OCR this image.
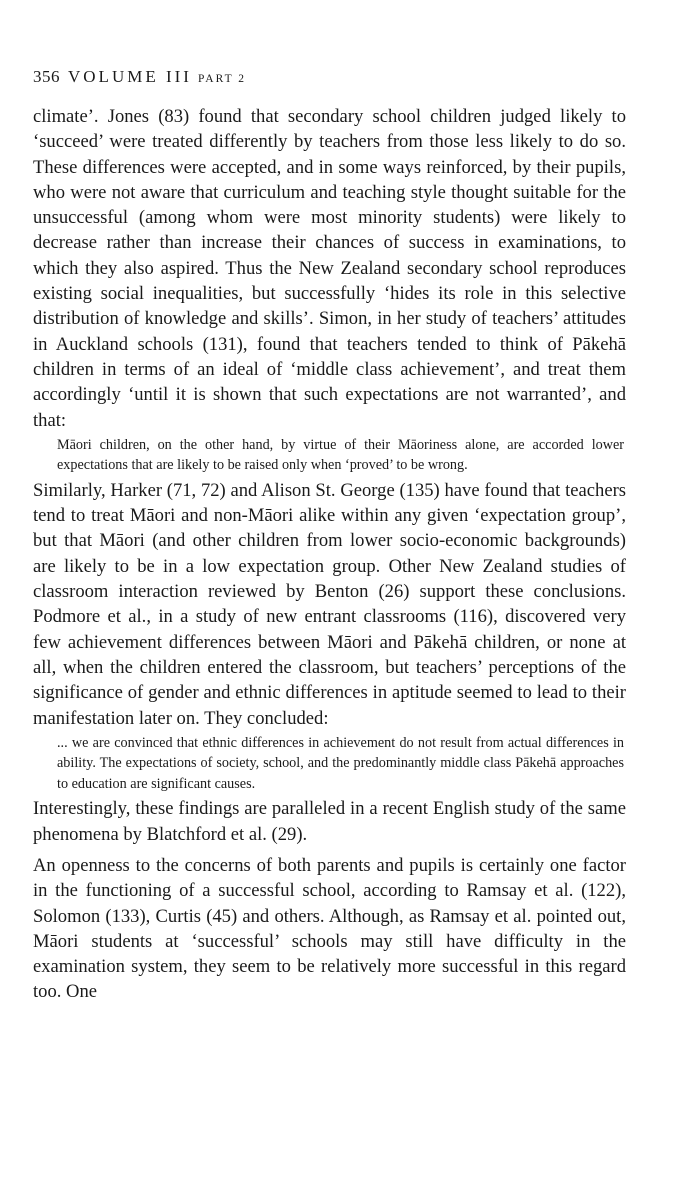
356 VOLUME III PART 2

climate’. Jones (83) found that secondary school children judged likely to ‘succeed’ were treated differently by teachers from those less likely to do so. These differences were accepted, and in some ways reinforced, by their pupils, who were not aware that curriculum and teaching style thought suitable for the unsuccessful (among whom were most minority students) were likely to decrease rather than increase their chances of success in examinations, to which they also aspired. Thus the New Zealand secondary school reproduces existing social inequalities, but successfully ‘hides its role in this selective distribution of knowledge and skills’. Simon, in her study of teachers’ attitudes in Auckland schools (131), found that teachers tended to think of Pākehā children in terms of an ideal of ‘middle class achievement’, and treat them accordingly ‘until it is shown that such expectations are not warranted’, and that:

Māori children, on the other hand, by virtue of their Māoriness alone, are accorded lower expectations that are likely to be raised only when ‘proved’ to be wrong.

Similarly, Harker (71, 72) and Alison St. George (135) have found that teachers tend to treat Māori and non-Māori alike within any given ‘expectation group’, but that Māori (and other children from lower socio-economic backgrounds) are likely to be in a low expectation group. Other New Zealand studies of classroom interaction reviewed by Benton (26) support these conclusions. Podmore et al., in a study of new entrant classrooms (116), discovered very few achievement differences between Māori and Pākehā children, or none at all, when the children entered the classroom, but teachers’ perceptions of the significance of gender and ethnic differences in aptitude seemed to lead to their manifestation later on. They concluded:

... we are convinced that ethnic differences in achievement do not result from actual differences in ability. The expectations of society, school, and the predominantly middle class Pākehā approaches to education are significant causes.

Interestingly, these findings are paralleled in a recent English study of the same phenomena by Blatchford et al. (29).

An openness to the concerns of both parents and pupils is certainly one factor in the functioning of a successful school, according to Ramsay et al. (122), Solomon (133), Curtis (45) and others. Although, as Ramsay et al. pointed out, Māori students at ‘successful’ schools may still have difficulty in the examination system, they seem to be relatively more successful in this regard too. One
